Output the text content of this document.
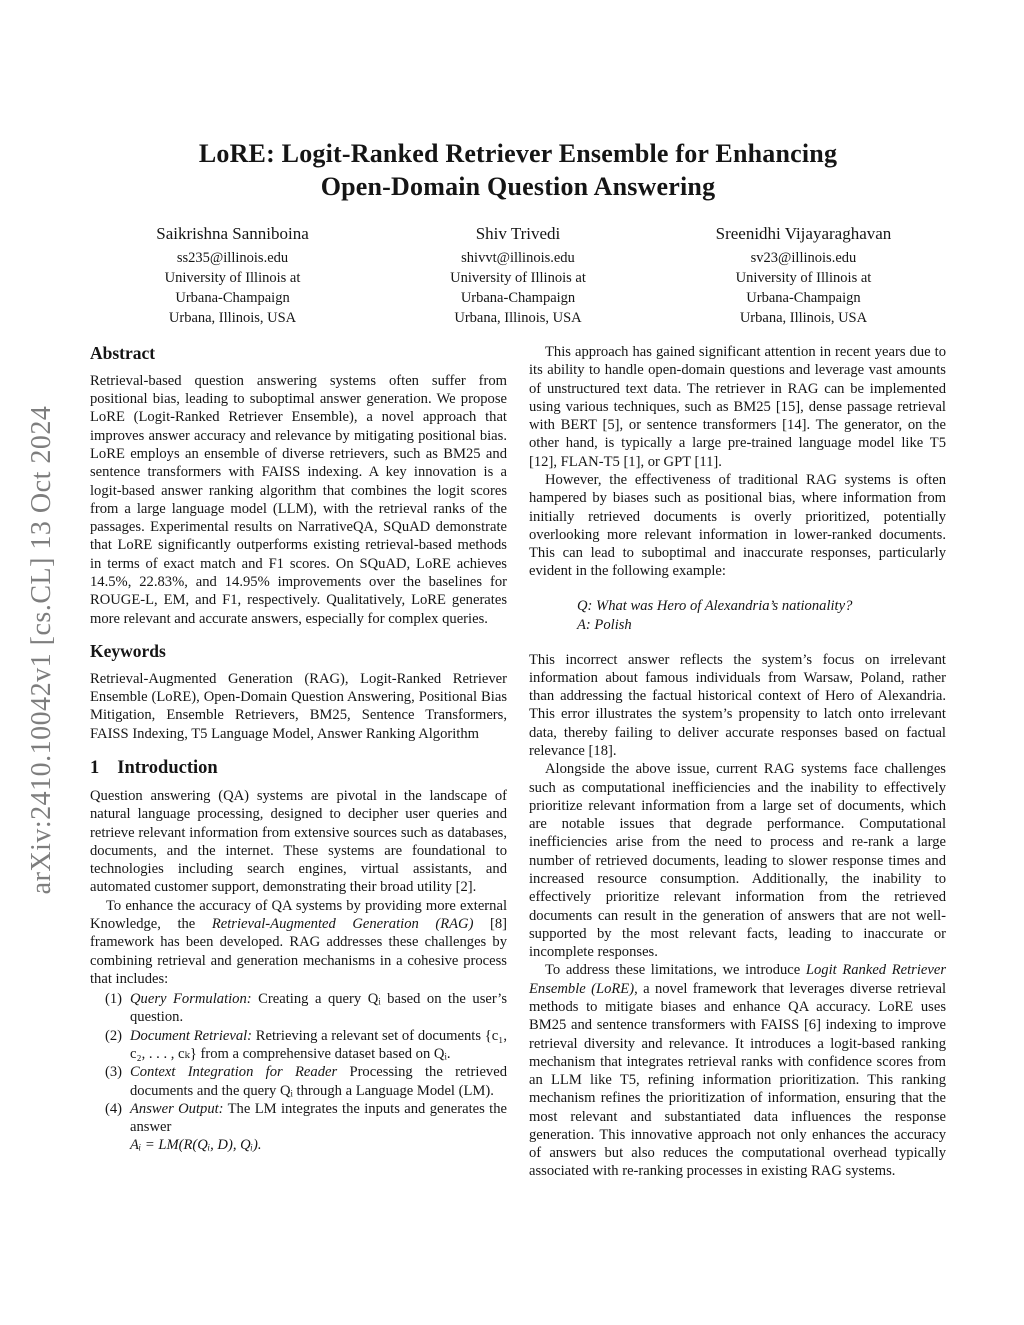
arXiv:2410.10042v1 [cs.CL] 13 Oct 2024
LoRE: Logit-Ranked Retriever Ensemble for Enhancing
Open-Domain Question Answering
Saikrishna Sanniboina
ss235@illinois.edu
University of Illinois at
Urbana-Champaign
Urbana, Illinois, USA
Shiv Trivedi
shivvt@illinois.edu
University of Illinois at
Urbana-Champaign
Urbana, Illinois, USA
Sreenidhi Vijayaraghavan
sv23@illinois.edu
University of Illinois at
Urbana-Champaign
Urbana, Illinois, USA
Abstract

Retrieval-based question answering systems often suffer from positional bias, leading to suboptimal answer generation. We propose LoRE (Logit-Ranked Retriever Ensemble), a novel approach that improves answer accuracy and relevance by mitigating positional bias. LoRE employs an ensemble of diverse retrievers, such as BM25 and sentence transformers with FAISS indexing. A key innovation is a logit-based answer ranking algorithm that combines the logit scores from a large language model (LLM), with the retrieval ranks of the passages. Experimental results on NarrativeQA, SQuAD demonstrate that LoRE significantly outperforms existing retrieval-based methods in terms of exact match and F1 scores. On SQuAD, LoRE achieves 14.5%, 22.83%, and 14.95% improvements over the baselines for ROUGE-L, EM, and F1, respectively. Qualitatively, LoRE generates more relevant and accurate answers, especially for complex queries.

Keywords

Retrieval-Augmented Generation (RAG), Logit-Ranked Retriever Ensemble (LoRE), Open-Domain Question Answering, Positional Bias Mitigation, Ensemble Retrievers, BM25, Sentence Transformers, FAISS Indexing, T5 Language Model, Answer Ranking Algorithm

1 Introduction

Question answering (QA) systems are pivotal in the landscape of natural language processing, designed to decipher user queries and retrieve relevant information from extensive sources such as databases, documents, and the internet. These systems are foundational to technologies including search engines, virtual assistants, and automated customer support, demonstrating their broad utility [2].

To enhance the accuracy of QA systems by providing more external Knowledge, the Retrieval-Augmented Generation (RAG) [8] framework has been developed. RAG addresses these challenges by combining retrieval and generation mechanisms in a cohesive process that includes:

(1) Query Formulation: Creating a query Qᵢ based on the user’s question.
(2) Document Retrieval: Retrieving a relevant set of documents {c₁, c₂, . . . , cₖ} from a comprehensive dataset based on Qᵢ.
(3) Context Integration for Reader Processing the retrieved documents and the query Qᵢ through a Language Model (LM).
(4) Answer Output: The LM integrates the inputs and generates the answer
Aᵢ = LM(R(Qᵢ, D), Qᵢ).

This approach has gained significant attention in recent years due to its ability to handle open-domain questions and leverage vast amounts of unstructured text data. The retriever in RAG can be implemented using various techniques, such as BM25 [15], dense passage retrieval with BERT [5], or sentence transformers [14]. The generator, on the other hand, is typically a large pre-trained language model like T5 [12], FLAN-T5 [1], or GPT [11].

However, the effectiveness of traditional RAG systems is often hampered by biases such as positional bias, where information from initially retrieved documents is overly prioritized, potentially overlooking more relevant information in lower-ranked documents. This can lead to suboptimal and inaccurate responses, particularly evident in the following example:

Q: What was Hero of Alexandria’s nationality?
A: Polish

This incorrect answer reflects the system’s focus on irrelevant information about famous individuals from Warsaw, Poland, rather than addressing the factual historical context of Hero of Alexandria. This error illustrates the system’s propensity to latch onto irrelevant data, thereby failing to deliver accurate responses based on factual relevance [18].

Alongside the above issue, current RAG systems face challenges such as computational inefficiencies and the inability to effectively prioritize relevant information from a large set of documents, which are notable issues that degrade performance. Computational inefficiencies arise from the need to process and re-rank a large number of retrieved documents, leading to slower response times and increased resource consumption. Additionally, the inability to effectively prioritize relevant information from the retrieved documents can result in the generation of answers that are not well-supported by the most relevant facts, leading to inaccurate or incomplete responses.

To address these limitations, we introduce Logit Ranked Retriever Ensemble (LoRE), a novel framework that leverages diverse retrieval methods to mitigate biases and enhance QA accuracy. LoRE uses BM25 and sentence transformers with FAISS [6] indexing to improve retrieval diversity and relevance. It introduces a logit-based ranking mechanism that integrates retrieval ranks with confidence scores from an LLM like T5, refining information prioritization. This ranking mechanism refines the prioritization of information, ensuring that the most relevant and substantiated data influences the response generation. This innovative approach not only enhances the accuracy of answers but also reduces the computational overhead typically associated with re-ranking processes in existing RAG systems.
